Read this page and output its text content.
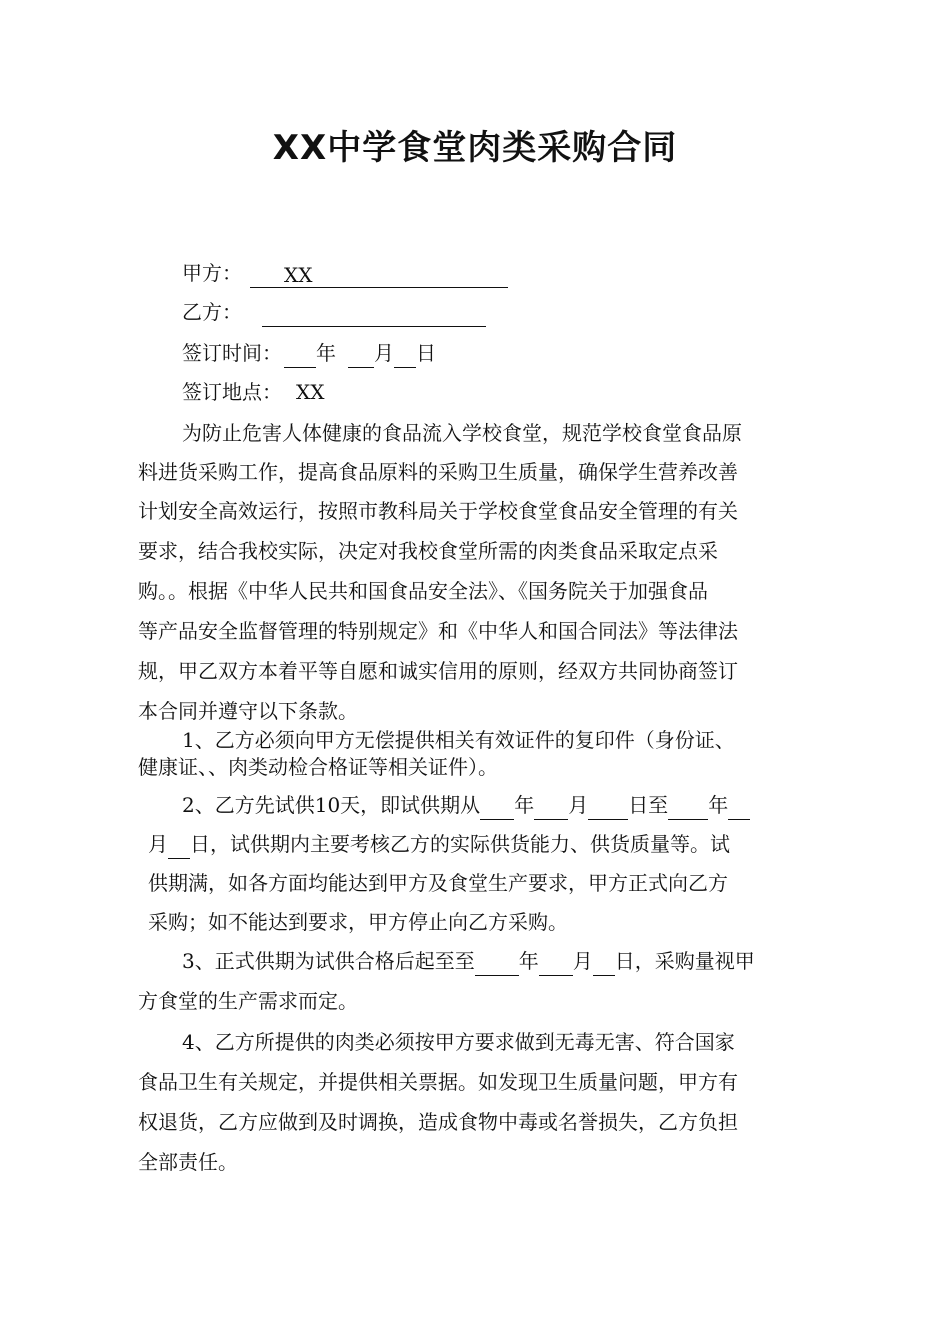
XX中学食堂肉类采购合同
甲方： XX
乙方：
签订时间： 年 月 日
签订地点： XX
为防止危害人体健康的食品流入学校食堂，规范学校食堂食品原
料进货采购工作，提高食品原料的采购卫生质量，确保学生营养改善
计划安全高效运行，按照市教科局关于学校食堂食品安全管理的有关
要求，结合我校实际，决定对我校食堂所需的肉类食品采取定点采
购。。根据《中华人民共和国食品安全法》、《国务院关于加强食品
等产品安全监督管理的特别规定》和《中华人和国合同法》等法律法
规，甲乙双方本着平等自愿和诚实信用的原则，经双方共同协商签订
本合同并遵守以下条款。
1、乙方必须向甲方无偿提供相关有效证件的复印件（身份证、
健康证、、肉类动检合格证等相关证件）。
2、乙方先试供10天，即试供期从 年 月 日至 年
月 日，试供期内主要考核乙方的实际供货能力、供货质量等。试
供期满，如各方面均能达到甲方及食堂生产要求，甲方正式向乙方
采购；如不能达到要求，甲方停止向乙方采购。
3、正式供期为试供合格后起至至 年 月 日，采购量视甲
方食堂的生产需求而定。
4、乙方所提供的肉类必须按甲方要求做到无毒无害、符合国家
食品卫生有关规定，并提供相关票据。如发现卫生质量问题，甲方有
权退货，乙方应做到及时调换，造成食物中毒或名誉损失，乙方负担
全部责任。
